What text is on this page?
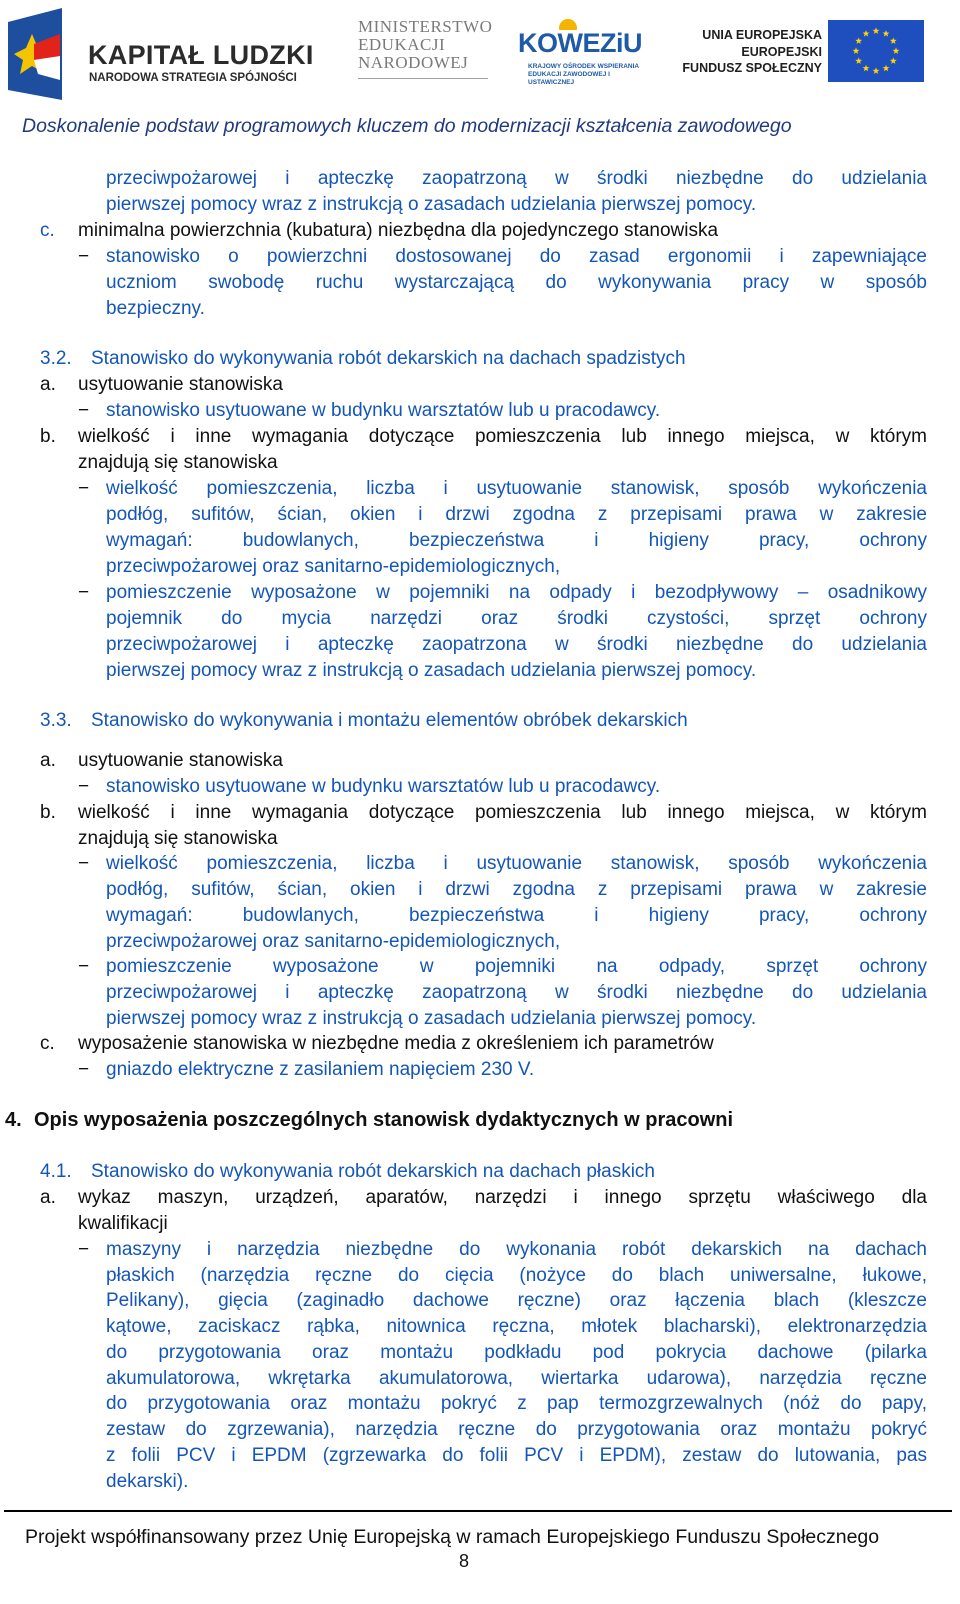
KAPITAŁ LUDZKI
NARODOWA STRATEGIA SPÓJNOŚCI
MINISTERSTWO
EDUKACJI
NARODOWEJ
KOWEZiU
KRAJOWY OŚRODEK WSPIERANIA EDUKACJI ZAWODOWEJ I USTAWICZNEJ
UNIA EUROPEJSKA
EUROPEJSKI
FUNDUSZ SPOŁECZNY
Doskonalenie podstaw programowych kluczem do modernizacji kształcenia zawodowego
przeciwpożarowej i apteczkę zaopatrzoną w środki niezbędne do udzielania
pierwszej pomocy wraz z instrukcją o zasadach udzielania pierwszej pomocy.
c. minimalna powierzchnia (kubatura) niezbędna dla pojedynczego stanowiska
− stanowisko o powierzchni dostosowanej do zasad ergonomii i zapewniające
uczniom swobodę ruchu wystarczającą do wykonywania pracy w sposób
bezpieczny.
3.2. Stanowisko do wykonywania robót dekarskich na dachach spadzistych
a. usytuowanie stanowiska
− stanowisko usytuowane w budynku warsztatów lub u pracodawcy.
b. wielkość i inne wymagania dotyczące pomieszczenia lub innego miejsca, w którym
znajdują się stanowiska
− wielkość pomieszczenia, liczba i usytuowanie stanowisk, sposób wykończenia
podłóg, sufitów, ścian, okien i drzwi zgodna z przepisami prawa w zakresie
wymagań: budowlanych, bezpieczeństwa i higieny pracy, ochrony
przeciwpożarowej oraz sanitarno-epidemiologicznych,
− pomieszczenie wyposażone w pojemniki na odpady i bezodpływowy – osadnikowy
pojemnik do mycia narzędzi oraz środki czystości, sprzęt ochrony
przeciwpożarowej i apteczkę zaopatrzona w środki niezbędne do udzielania
pierwszej pomocy wraz z instrukcją o zasadach udzielania pierwszej pomocy.
3.3. Stanowisko do wykonywania i montażu elementów obróbek dekarskich
a. usytuowanie stanowiska
− stanowisko usytuowane w budynku warsztatów lub u pracodawcy.
b. wielkość i inne wymagania dotyczące pomieszczenia lub innego miejsca, w którym
znajdują się stanowiska
− wielkość pomieszczenia, liczba i usytuowanie stanowisk, sposób wykończenia
podłóg, sufitów, ścian, okien i drzwi zgodna z przepisami prawa w zakresie
wymagań: budowlanych, bezpieczeństwa i higieny pracy, ochrony
przeciwpożarowej oraz sanitarno-epidemiologicznych,
− pomieszczenie wyposażone w pojemniki na odpady, sprzęt ochrony
przeciwpożarowej i apteczkę zaopatrzoną w środki niezbędne do udzielania
pierwszej pomocy wraz z instrukcją o zasadach udzielania pierwszej pomocy.
c. wyposażenie stanowiska w niezbędne media z określeniem ich parametrów
− gniazdo elektryczne z zasilaniem napięciem 230 V.
4. Opis wyposażenia poszczególnych stanowisk dydaktycznych w pracowni
4.1. Stanowisko do wykonywania robót dekarskich na dachach płaskich
a. wykaz maszyn, urządzeń, aparatów, narzędzi i innego sprzętu właściwego dla
kwalifikacji
− maszyny i narzędzia niezbędne do wykonania robót dekarskich na dachach
płaskich (narzędzia ręczne do cięcia (nożyce do blach uniwersalne, łukowe,
Pelikany), gięcia (zaginadło dachowe ręczne) oraz łączenia blach (kleszcze
kątowe, zaciskacz rąbka, nitownica ręczna, młotek blacharski), elektronarzędzia
do przygotowania oraz montażu podkładu pod pokrycia dachowe (pilarka
akumulatorowa, wkrętarka akumulatorowa, wiertarka udarowa), narzędzia ręczne
do przygotowania oraz montażu pokryć z pap termozgrzewalnych (nóż do papy,
zestaw do zgrzewania), narzędzia ręczne do przygotowania oraz montażu pokryć
z folii PCV i EPDM (zgrzewarka do folii PCV i EPDM), zestaw do lutowania, pas
dekarski).
Projekt współfinansowany przez Unię Europejską w ramach Europejskiego Funduszu Społecznego
8
